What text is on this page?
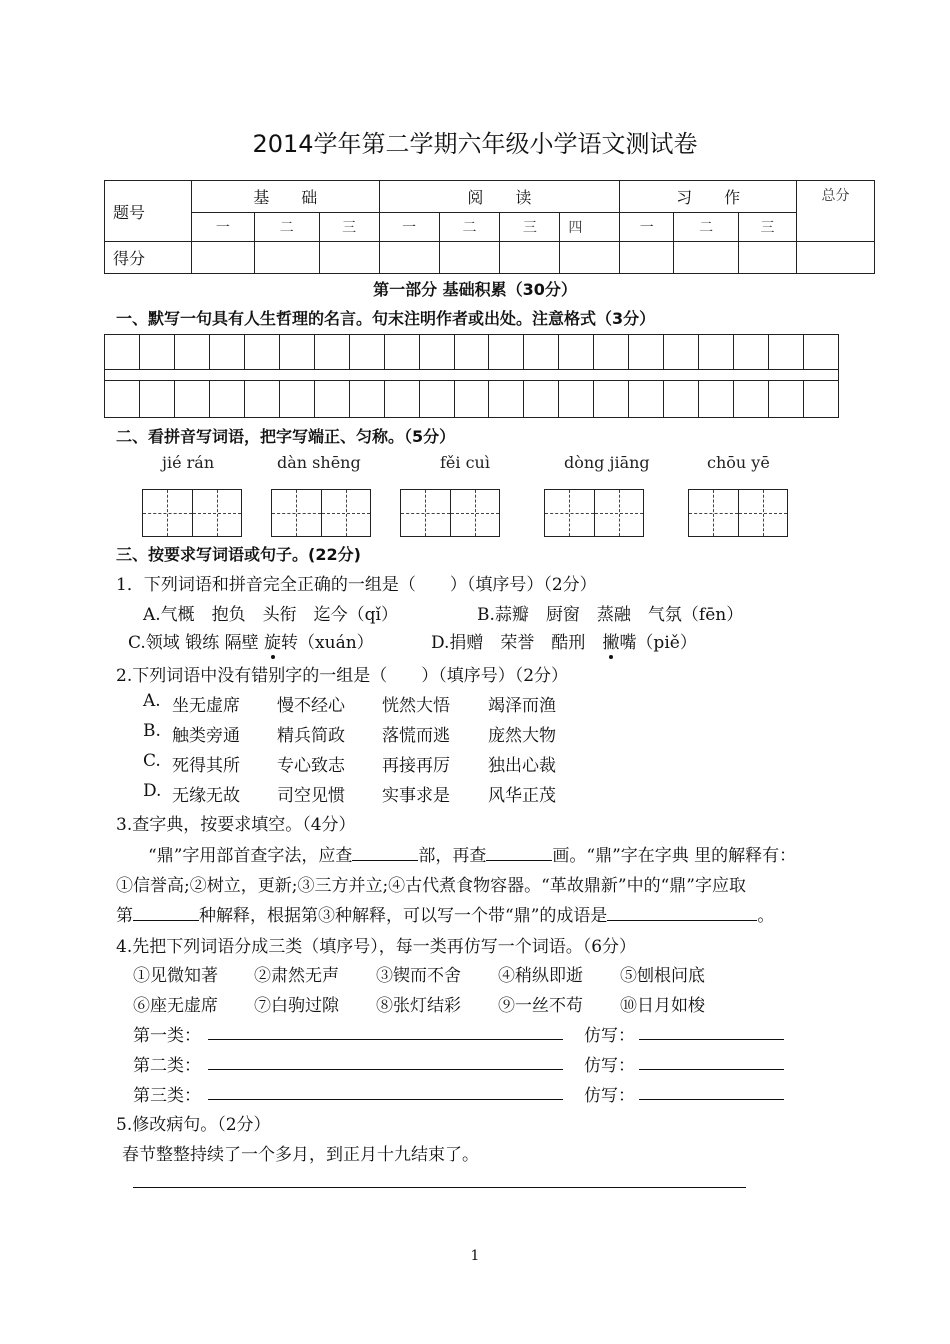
2014学年第二学期六年级小学语文测试卷
题号	基　　础			阅　　读				习　　作			总分
	一	二	三	一	二	三	四	一	二	三	
得分											
第一部分 基础积累（30分）
一、默写一句具有人生哲理的名言。句末注明作者或出处。注意格式（3分）
二、看拼音写词语，把字写端正、匀称。（5分）
jié rán	dàn shēng	fěi cuì	dòng jiāng	chōu yē
三、按要求写词语或句子。(22分)
1．下列词语和拼音完全正确的一组是（　　）（填序号）（2分）
A.气概　抱负　头衔　迄今（qǐ）	B.蒜瓣　厨窗　蒸融　气氛（fēn）
C.领域 锻练 隔壁 旋转（xuán）	D.捐赠　荣誉　酷刑　撇嘴（piě）
2.下列词语中没有错别字的一组是（　　）（填序号）（2分）
A. 坐无虚席 慢不经心 恍然大悟 竭泽而渔
B. 触类旁通 精兵简政 落慌而逃 庞然大物
C. 死得其所 专心致志 再接再厉 独出心裁
D. 无缘无故 司空见惯 实事求是 风华正茂
3.查字典，按要求填空。（4分）
“鼎”字用部首查字法，应查	部，再查	画。“鼎”字在字典 里的解释有：
①信誉高;②树立，更新;③三方并立;④古代煮食物容器。“革故鼎新”中的“鼎”字应取
第	种解释，根据第③种解释，可以写一个带“鼎”的成语是	。
4.先把下列词语分成三类（填序号），每一类再仿写一个词语。（6分）
①见微知著 ②肃然无声 ③锲而不舍 ④稍纵即逝 ⑤刨根问底
⑥座无虚席 ⑦白驹过隙 ⑧张灯结彩 ⑨一丝不苟 ⑩日月如梭
第一类：	仿写：
第二类：	仿写：
第三类：	仿写：
5.修改病句。（2分）
春节整整持续了一个多月，到正月十九结束了。
1
